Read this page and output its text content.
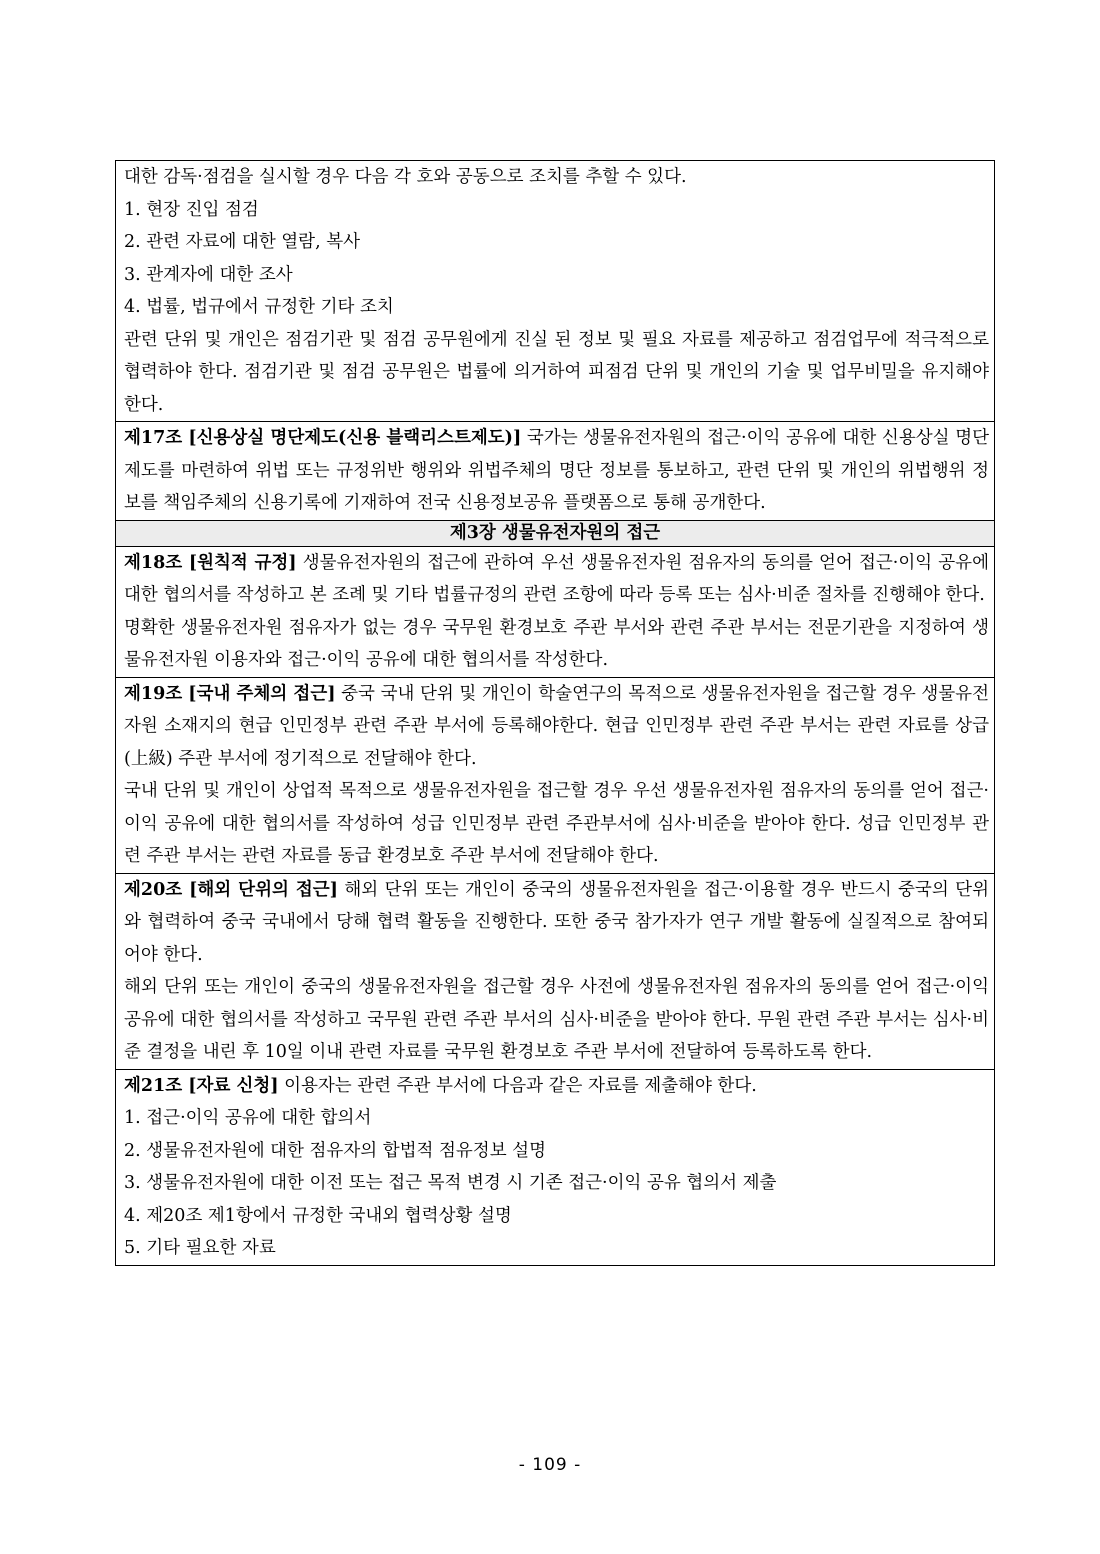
대한 감독·점검을 실시할 경우 다음 각 호와 공동으로 조치를 추할 수 있다.

1. 현장 진입 점검

2. 관련 자료에 대한 열람, 복사

3. 관계자에 대한 조사

4. 법률, 법규에서 규정한 기타 조치

관련 단위 및 개인은 점검기관 및 점검 공무원에게 진실 된 정보 및 필요 자료를 제공하고 점검업무에 적극적으로 협력하야 한다. 점검기관 및 점검 공무원은 법률에 의거하여 피점검 단위 및 개인의 기술 및 업무비밀을 유지해야한다.

제17조 [신용상실 명단제도(신용 블랙리스트제도)] 국가는 생물유전자원의 접근·이익 공유에 대한 신용상실 명단제도를 마련하여 위법 또는 규정위반 행위와 위법주체의 명단 정보를 통보하고, 관련 단위 및 개인의 위법행위 정보를 책임주체의 신용기록에 기재하여 전국 신용정보공유 플랫폼으로 통해 공개한다.

제3장 생물유전자원의 접근

제18조 [원칙적 규정] 생물유전자원의 접근에 관하여 우선 생물유전자원 점유자의 동의를 얻어 접근·이익 공유에 대한 협의서를 작성하고 본 조례 및 기타 법률규정의 관련 조항에 따라 등록 또는 심사·비준 절차를 진행해야 한다.

명확한 생물유전자원 점유자가 없는 경우 국무원 환경보호 주관 부서와 관련 주관 부서는 전문기관을 지정하여 생물유전자원 이용자와 접근·이익 공유에 대한 협의서를 작성한다.

제19조 [국내 주체의 접근] 중국 국내 단위 및 개인이 학술연구의 목적으로 생물유전자원을 접근할 경우 생물유전자원 소재지의 현급 인민정부 관련 주관 부서에 등록해야한다. 현급 인민정부 관련 주관 부서는 관련 자료를 상급(上級) 주관 부서에 정기적으로 전달해야 한다.

국내 단위 및 개인이 상업적 목적으로 생물유전자원을 접근할 경우 우선 생물유전자원 점유자의 동의를 얻어 접근·이익 공유에 대한 협의서를 작성하여 성급 인민정부 관련 주관부서에 심사·비준을 받아야 한다. 성급 인민정부 관련 주관 부서는 관련 자료를 동급 환경보호 주관 부서에 전달해야 한다.

제20조 [해외 단위의 접근] 해외 단위 또는 개인이 중국의 생물유전자원을 접근·이용할 경우 반드시 중국의 단위와 협력하여 중국 국내에서 당해 협력 활동을 진행한다. 또한 중국 참가자가 연구 개발 활동에 실질적으로 참여되어야 한다.

해외 단위 또는 개인이 중국의 생물유전자원을 접근할 경우 사전에 생물유전자원 점유자의 동의를 얻어 접근·이익 공유에 대한 협의서를 작성하고 국무원 관련 주관 부서의 심사·비준을 받아야 한다. 무원 관련 주관 부서는 심사·비준 결정을 내린 후 10일 이내 관련 자료를 국무원 환경보호 주관 부서에 전달하여 등록하도록 한다.

제21조 [자료 신청] 이용자는 관련 주관 부서에 다음과 같은 자료를 제출해야 한다.

1. 접근·이익 공유에 대한 합의서

2. 생물유전자원에 대한 점유자의 합법적 점유정보 설명

3. 생물유전자원에 대한 이전 또는 접근 목적 변경 시 기존 접근·이익 공유 협의서 제출

4. 제20조 제1항에서 규정한 국내외 협력상황 설명

5. 기타 필요한 자료

- 109 -
